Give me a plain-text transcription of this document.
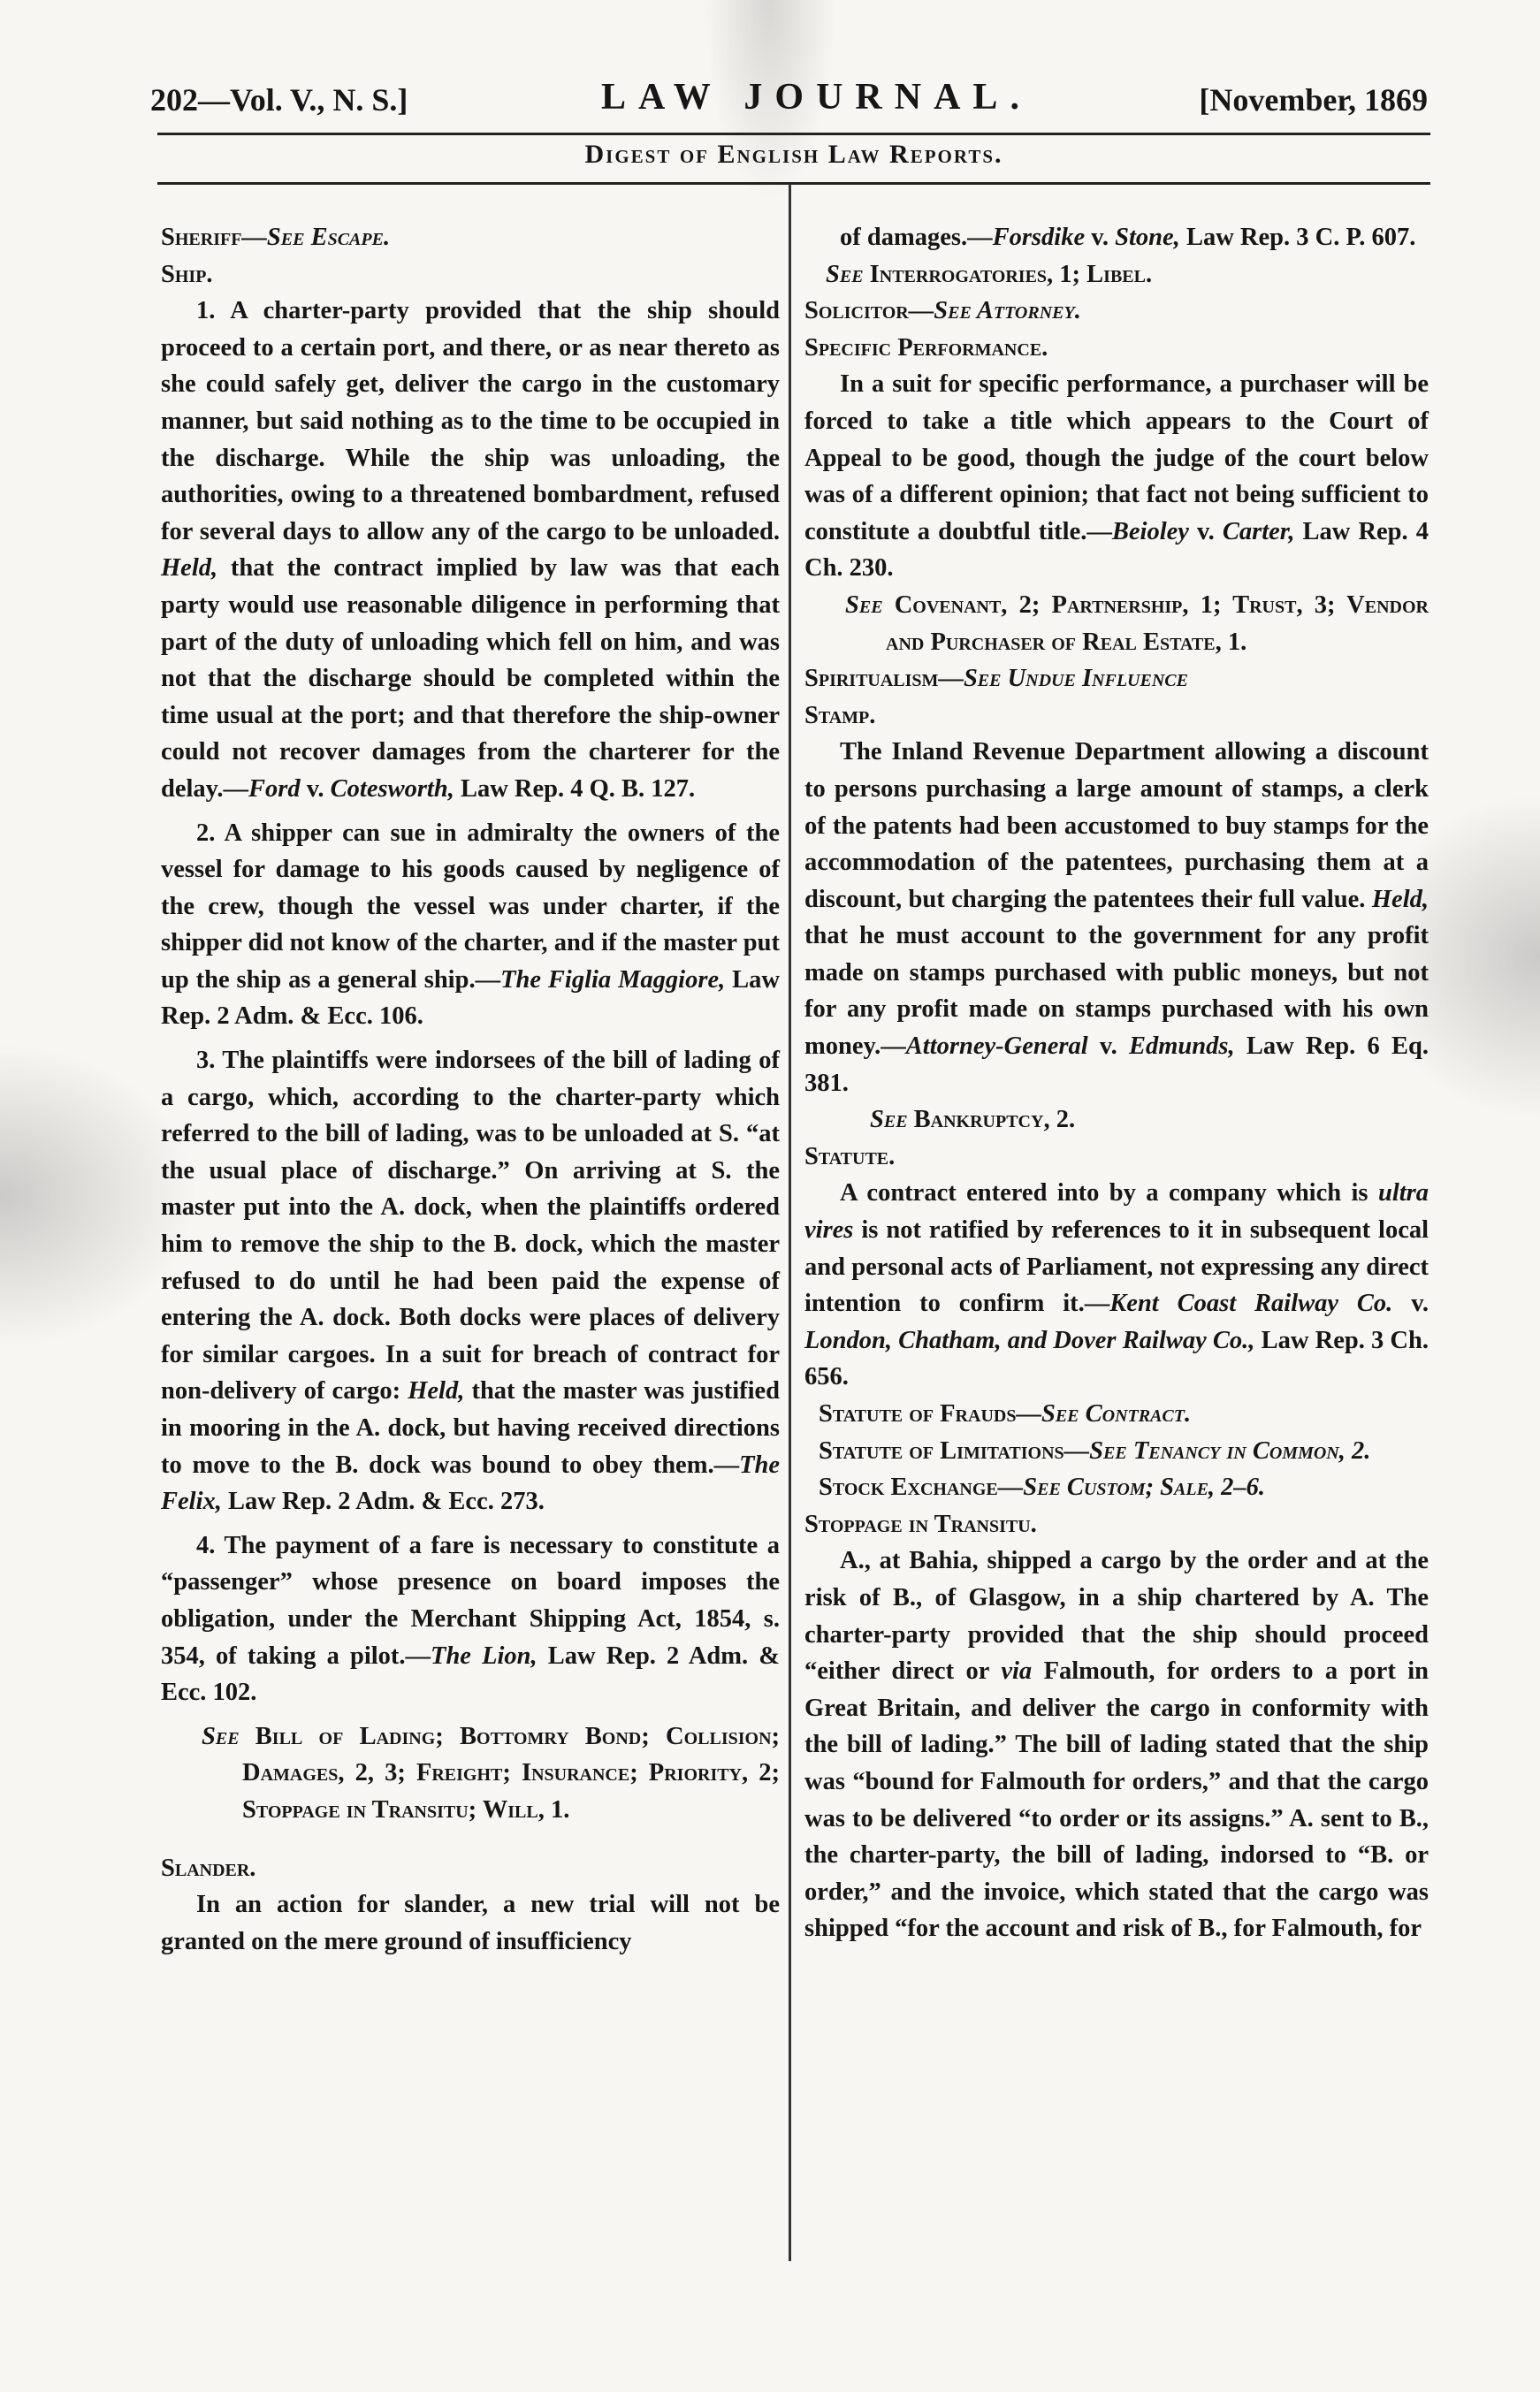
202—Vol. V., N. S.]	LAW JOURNAL.	[November, 1869
Digest of English Law Reports.

Sheriff—See Escape.

Ship.

1. A charter-party provided that the ship should proceed to a certain port, and there, or as near thereto as she could safely get, deliver the cargo in the customary manner, but said nothing as to the time to be occupied in the discharge. While the ship was unloading, the authorities, owing to a threatened bombardment, refused for several days to allow any of the cargo to be unloaded. Held, that the contract implied by law was that each party would use reasonable diligence in performing that part of the duty of unloading which fell on him, and was not that the discharge should be completed within the time usual at the port; and that therefore the ship-owner could not recover damages from the charterer for the delay.—Ford v. Cotesworth, Law Rep. 4 Q. B. 127.

2. A shipper can sue in admiralty the owners of the vessel for damage to his goods caused by negligence of the crew, though the vessel was under charter, if the shipper did not know of the charter, and if the master put up the ship as a general ship.—The Figlia Maggiore, Law Rep. 2 Adm. & Ecc. 106.

3. The plaintiffs were indorsees of the bill of lading of a cargo, which, according to the charter-party which referred to the bill of lading, was to be unloaded at S. “at the usual place of discharge.” On arriving at S. the master put into the A. dock, when the plaintiffs ordered him to remove the ship to the B. dock, which the master refused to do until he had been paid the expense of entering the A. dock. Both docks were places of delivery for similar cargoes. In a suit for breach of contract for non-delivery of cargo: Held, that the master was justified in mooring in the A. dock, but having received directions to move to the B. dock was bound to obey them.—The Felix, Law Rep. 2 Adm. & Ecc. 273.

4. The payment of a fare is necessary to constitute a “passenger” whose presence on board imposes the obligation, under the Merchant Shipping Act, 1854, s. 354, of taking a pilot.—The Lion, Law Rep. 2 Adm. & Ecc. 102.

See Bill of Lading; Bottomry Bond; Collision; Damages, 2, 3; Freight; Insurance; Priority, 2; Stoppage in Transitu; Will, 1.

Slander.

In an action for slander, a new trial will not be granted on the mere ground of insufficiency

of damages.—Forsdike v. Stone, Law Rep. 3 C. P. 607.

See Interrogatories, 1; Libel.

Solicitor—See Attorney.

Specific Performance.

In a suit for specific performance, a purchaser will be forced to take a title which appears to the Court of Appeal to be good, though the judge of the court below was of a different opinion; that fact not being sufficient to constitute a doubtful title.—Beioley v. Carter, Law Rep. 4 Ch. 230.

See Covenant, 2; Partnership, 1; Trust, 3; Vendor and Purchaser of Real Estate, 1.

Spiritualism—See Undue Influence

Stamp.

The Inland Revenue Department allowing a discount to persons purchasing a large amount of stamps, a clerk of the patents had been accustomed to buy stamps for the accommodation of the patentees, purchasing them at a discount, but charging the patentees their full value. Held, that he must account to the government for any profit made on stamps purchased with public moneys, but not for any profit made on stamps purchased with his own money.—Attorney-General v. Edmunds, Law Rep. 6 Eq. 381.

See Bankruptcy, 2.

Statute.

A contract entered into by a company which is ultra vires is not ratified by references to it in subsequent local and personal acts of Parliament, not expressing any direct intention to confirm it.—Kent Coast Railway Co. v. London, Chatham, and Dover Railway Co., Law Rep. 3 Ch. 656.

Statute of Frauds—See Contract.

Statute of Limitations—See Tenancy in Common, 2.

Stock Exchange—See Custom; Sale, 2–6.

Stoppage in Transitu.

A., at Bahia, shipped a cargo by the order and at the risk of B., of Glasgow, in a ship chartered by A. The charter-party provided that the ship should proceed “either direct or via Falmouth, for orders to a port in Great Britain, and deliver the cargo in conformity with the bill of lading.” The bill of lading stated that the ship was “bound for Falmouth for orders,” and that the cargo was to be delivered “to order or its assigns.” A. sent to B., the charter-party, the bill of lading, indorsed to “B. or order,” and the invoice, which stated that the cargo was shipped “for the account and risk of B., for Falmouth, for
